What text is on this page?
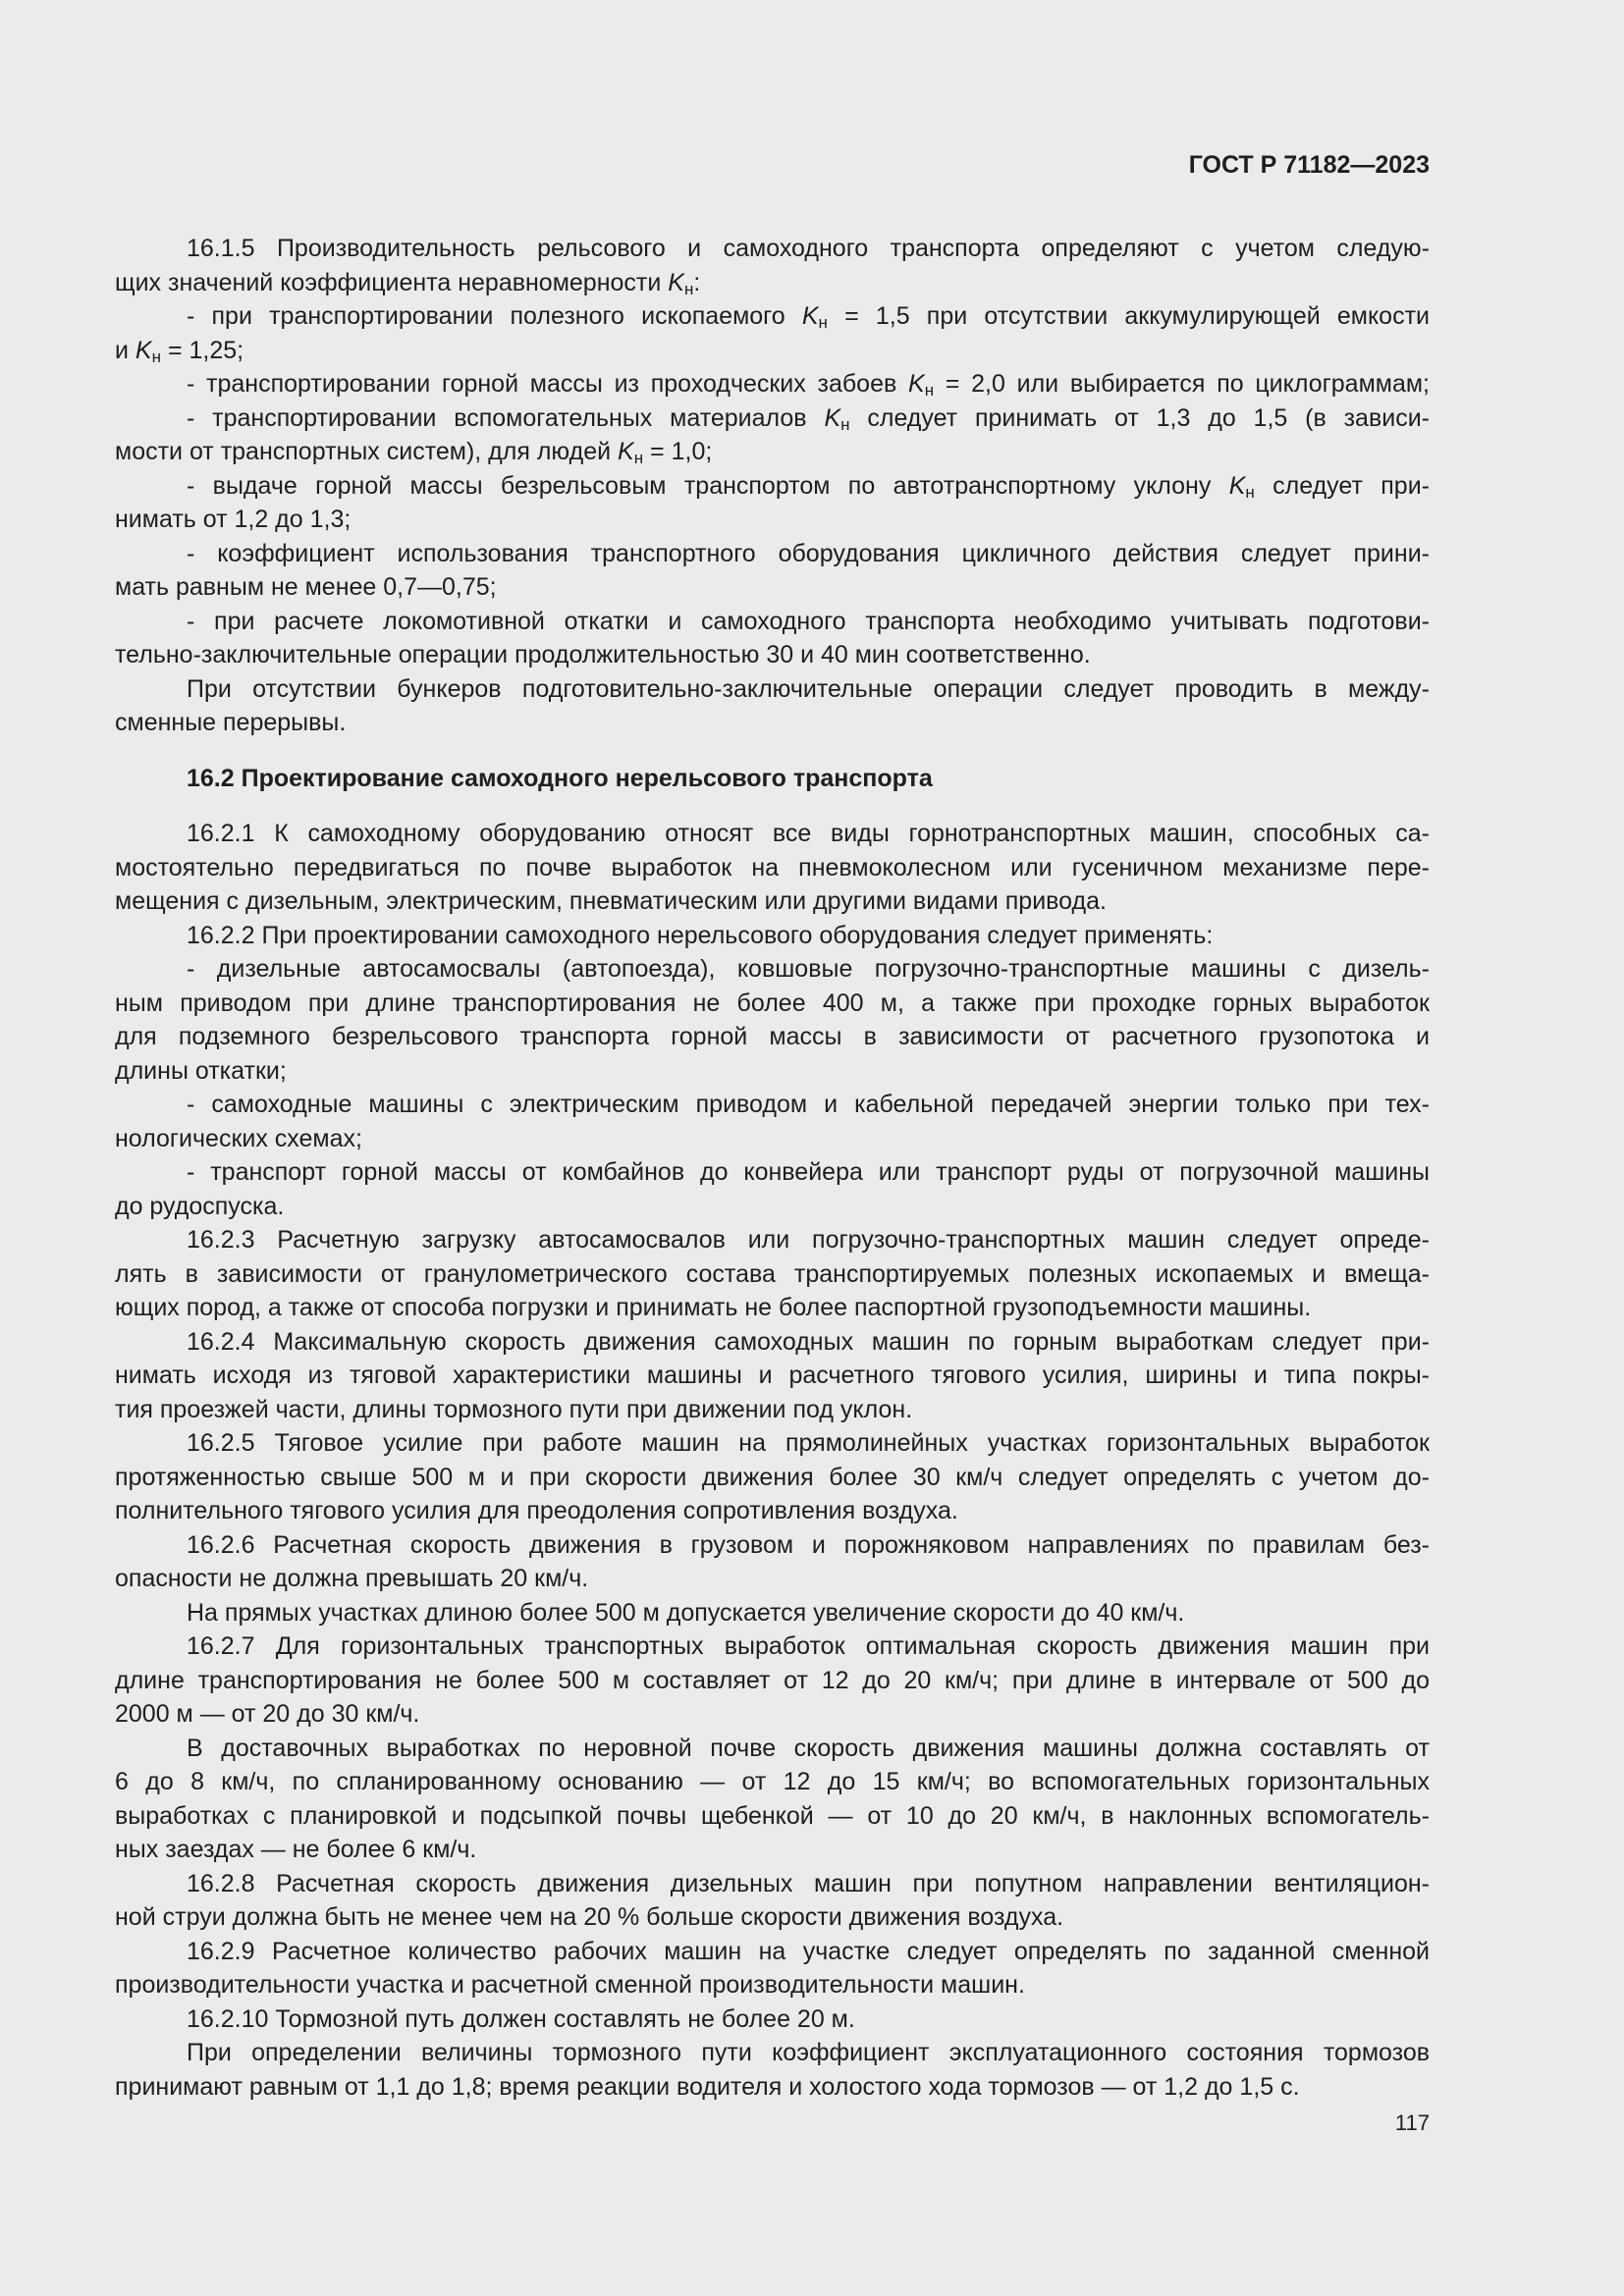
ГОСТ Р 71182—2023
16.1.5 Производительность рельсового и самоходного транспорта определяют с учетом следую-
щих значений коэффициента неравномерности $K_н$:
- при транспортировании полезного ископаемого $K_н = 1,5$ при отсутствии аккумулирующей емкости
и $K_н = 1,25$;
- транспортировании горной массы из проходческих забоев $K_н = 2,0$ или выбирается по циклограммам;
- транспортировании вспомогательных материалов $K_н$ следует принимать от 1,3 до 1,5 (в зависи-
мости от транспортных систем), для людей $K_н = 1,0$;
- выдаче горной массы безрельсовым транспортом по автотранспортному уклону $K_н$ следует при-
нимать от 1,2 до 1,3;
- коэффициент использования транспортного оборудования цикличного действия следует прини-
мать равным не менее 0,7—0,75;
- при расчете локомотивной откатки и самоходного транспорта необходимо учитывать подготови-
тельно-заключительные операции продолжительностью 30 и 40 мин соответственно.
При отсутствии бункеров подготовительно-заключительные операции следует проводить в между-
сменные перерывы.
16.2 Проектирование самоходного нерельсового транспорта
16.2.1 К самоходному оборудованию относят все виды горнотранспортных машин, способных са-
мостоятельно передвигаться по почве выработок на пневмоколесном или гусеничном механизме пере-
мещения с дизельным, электрическим, пневматическим или другими видами привода.
16.2.2 При проектировании самоходного нерельсового оборудования следует применять:
- дизельные автосамосвалы (автопоезда), ковшовые погрузочно-транспортные машины с дизель-
ным приводом при длине транспортирования не более 400 м, а также при проходке горных выработок
для подземного безрельсового транспорта горной массы в зависимости от расчетного грузопотока и
длины откатки;
- самоходные машины с электрическим приводом и кабельной передачей энергии только при тех-
нологических схемах;
- транспорт горной массы от комбайнов до конвейера или транспорт руды от погрузочной машины
до рудоспуска.
16.2.3 Расчетную загрузку автосамосвалов или погрузочно-транспортных машин следует опреде-
лять в зависимости от гранулометрического состава транспортируемых полезных ископаемых и вмеща-
ющих пород, а также от способа погрузки и принимать не более паспортной грузоподъемности машины.
16.2.4 Максимальную скорость движения самоходных машин по горным выработкам следует при-
нимать исходя из тяговой характеристики машины и расчетного тягового усилия, ширины и типа покры-
тия проезжей части, длины тормозного пути при движении под уклон.
16.2.5 Тяговое усилие при работе машин на прямолинейных участках горизонтальных выработок
протяженностью свыше 500 м и при скорости движения более 30 км/ч следует определять с учетом до-
полнительного тягового усилия для преодоления сопротивления воздуха.
16.2.6 Расчетная скорость движения в грузовом и порожняковом направлениях по правилам без-
опасности не должна превышать 20 км/ч.
На прямых участках длиною более 500 м допускается увеличение скорости до 40 км/ч.
16.2.7 Для горизонтальных транспортных выработок оптимальная скорость движения машин при
длине транспортирования не более 500 м составляет от 12 до 20 км/ч; при длине в интервале от 500 до
2000 м — от 20 до 30 км/ч.
В доставочных выработках по неровной почве скорость движения машины должна составлять от
6 до 8 км/ч, по спланированному основанию — от 12 до 15 км/ч; во вспомогательных горизонтальных
выработках с планировкой и подсыпкой почвы щебенкой — от 10 до 20 км/ч, в наклонных вспомогатель-
ных заездах — не более 6 км/ч.
16.2.8 Расчетная скорость движения дизельных машин при попутном направлении вентиляцион-
ной струи должна быть не менее чем на 20 % больше скорости движения воздуха.
16.2.9 Расчетное количество рабочих машин на участке следует определять по заданной сменной
производительности участка и расчетной сменной производительности машин.
16.2.10 Тормозной путь должен составлять не более 20 м.
При определении величины тормозного пути коэффициент эксплуатационного состояния тормозов
принимают равным от 1,1 до 1,8; время реакции водителя и холостого хода тормозов — от 1,2 до 1,5 с.
117
